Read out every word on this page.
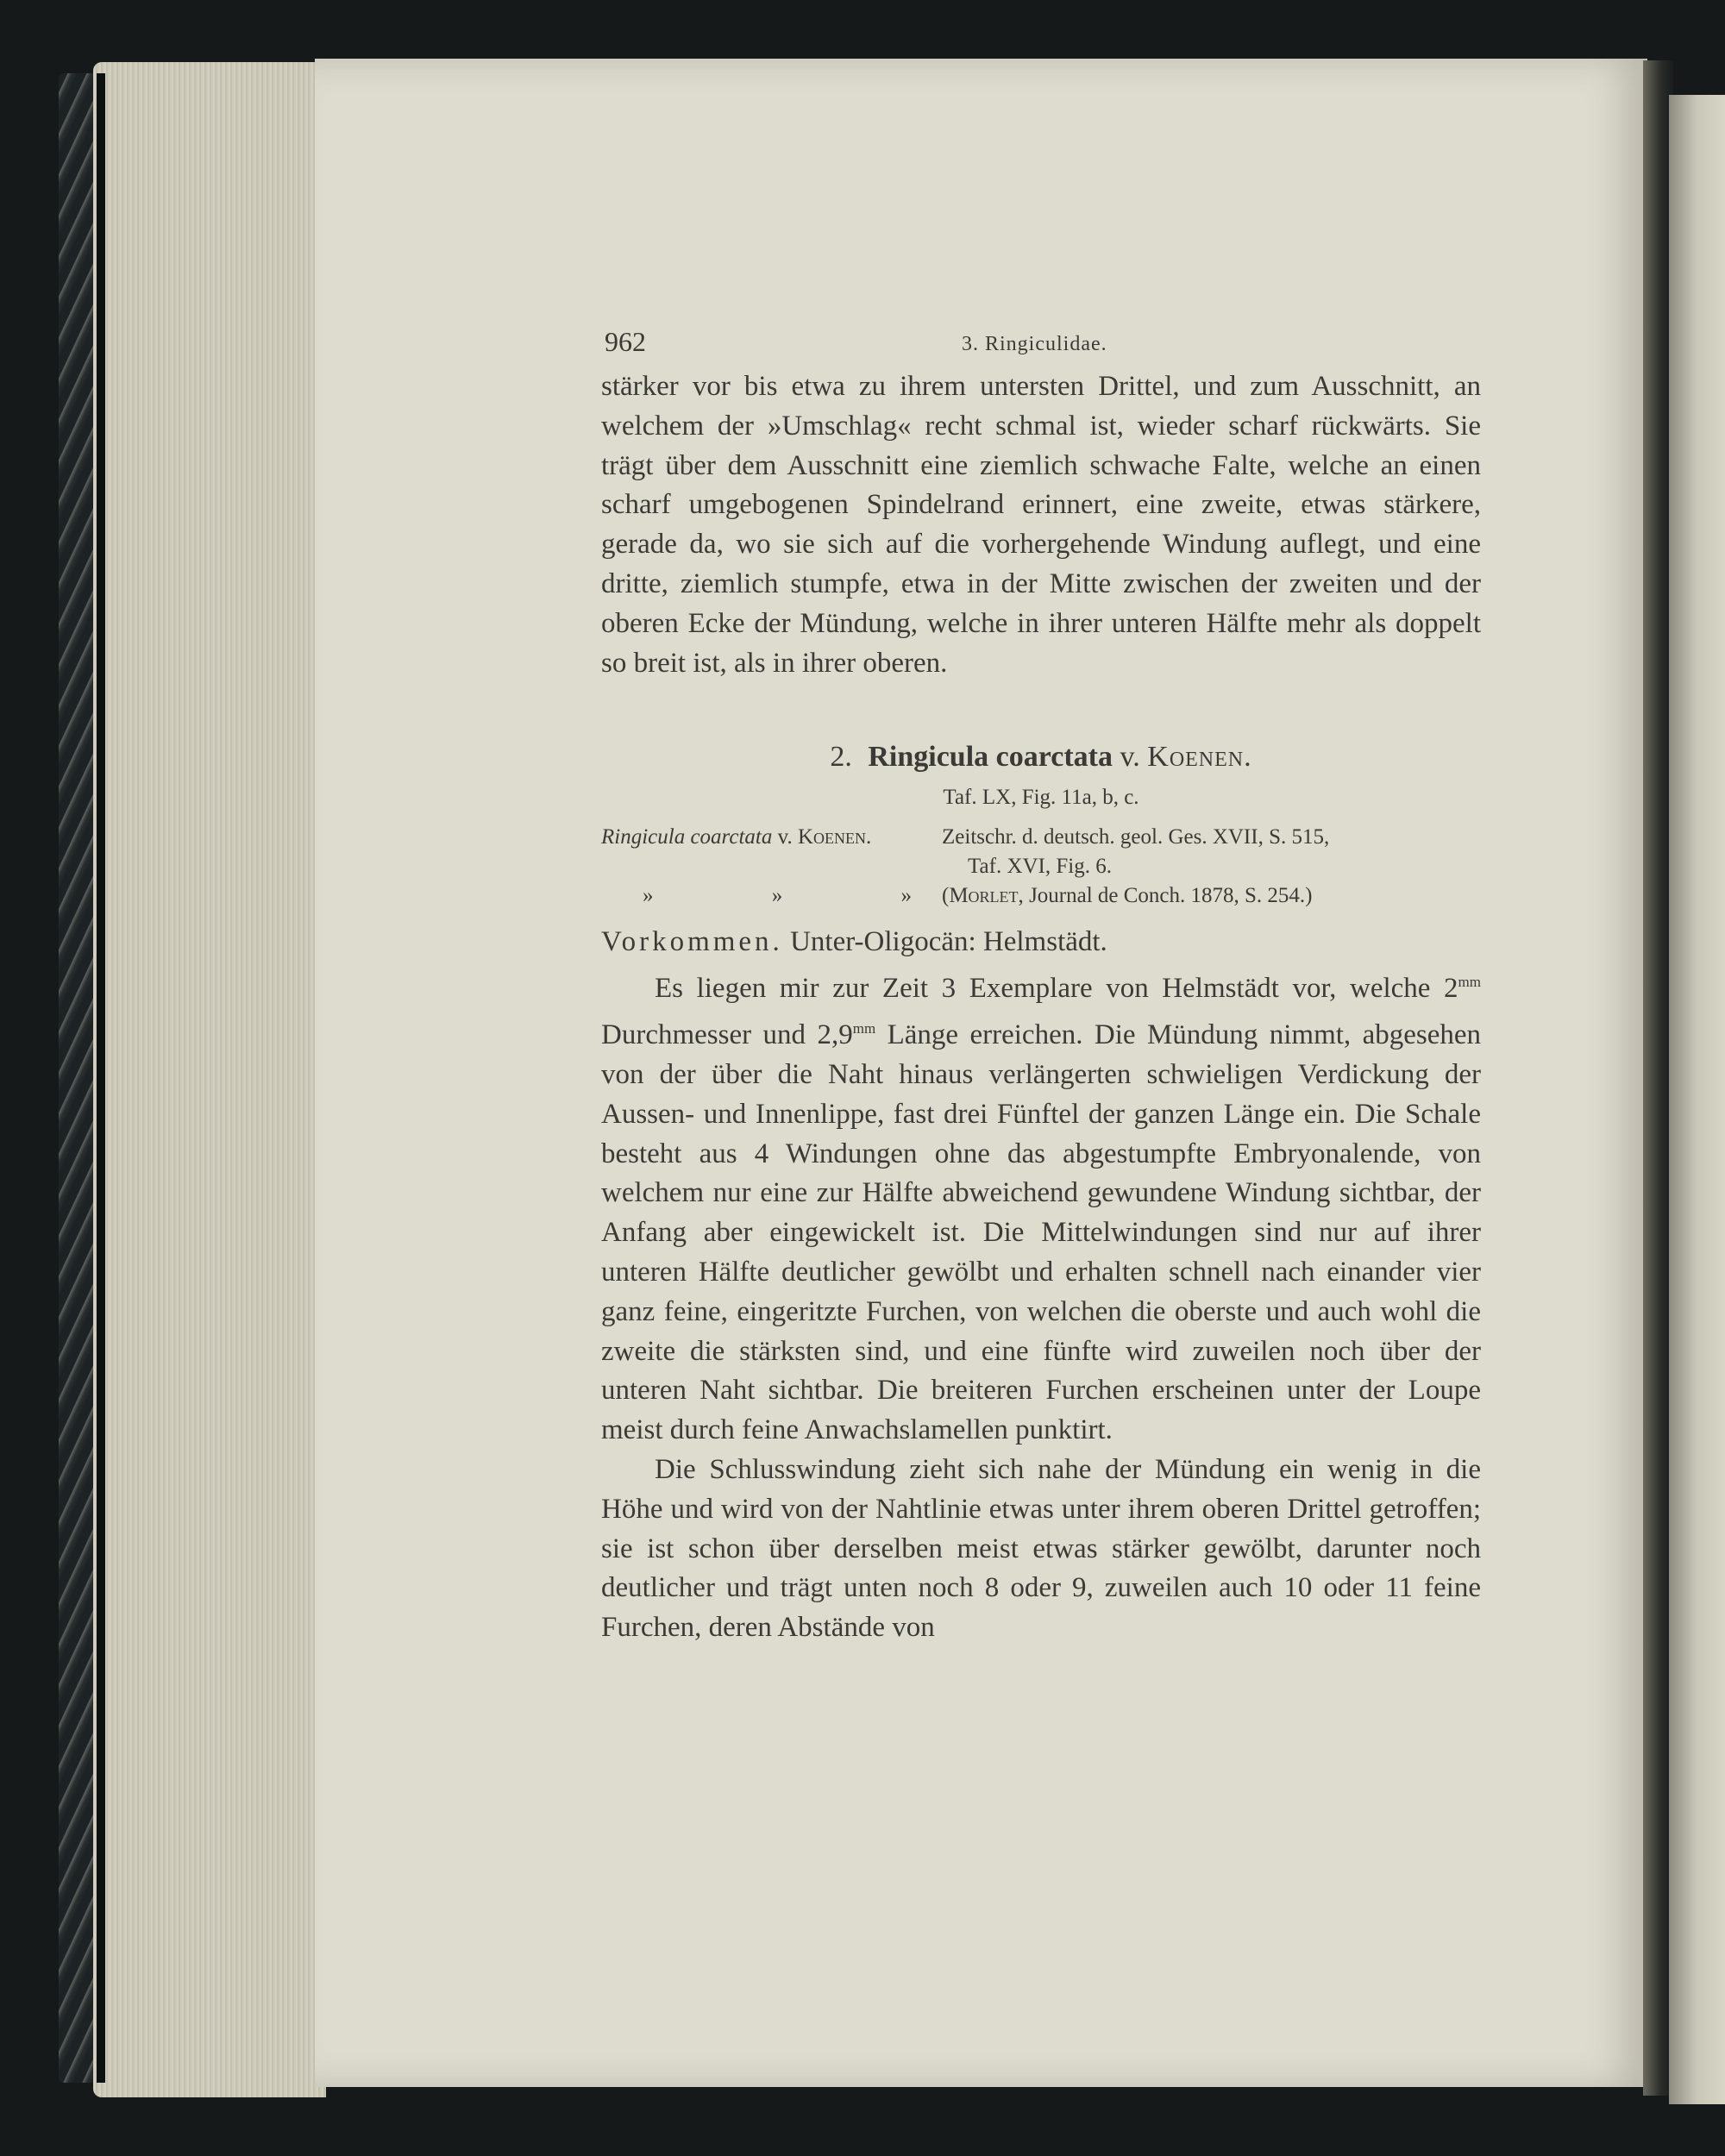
962	3. Ringiculidae.

stärker vor bis etwa zu ihrem untersten Drittel, und zum Ausschnitt, an welchem der »Umschlag« recht schmal ist, wieder scharf rückwärts. Sie trägt über dem Ausschnitt eine ziemlich schwache Falte, welche an einen scharf umgebogenen Spindelrand erinnert, eine zweite, etwas stärkere, gerade da, wo sie sich auf die vorhergehende Windung auflegt, und eine dritte, ziemlich stumpfe, etwa in der Mitte zwischen der zweiten und der oberen Ecke der Mündung, welche in ihrer unteren Hälfte mehr als doppelt so breit ist, als in ihrer oberen.

2. Ringicula coarctata v. Koenen.
Taf. LX, Fig. 11a, b, c.
Ringicula coarctata v. Koenen.	Zeitschr. d. deutsch. geol. Ges. XVII, S. 515,
Taf. XVI, Fig. 6.
»	»	» (Morlet, Journal de Conch. 1878, S. 254.)
Vorkommen. Unter-Oligocän: Helmstädt.

Es liegen mir zur Zeit 3 Exemplare von Helmstädt vor, welche $2^{mm}$ Durchmesser und $2,9^{mm}$ Länge erreichen. Die Mündung nimmt, abgesehen von der über die Naht hinaus verlängerten schwieligen Verdickung der Aussen- und Innenlippe, fast drei Fünftel der ganzen Länge ein. Die Schale besteht aus 4 Windungen ohne das abgestumpfte Embryonalende, von welchem nur eine zur Hälfte abweichend gewundene Windung sichtbar, der Anfang aber eingewickelt ist. Die Mittelwindungen sind nur auf ihrer unteren Hälfte deutlicher gewölbt und erhalten schnell nach einander vier ganz feine, eingeritzte Furchen, von welchen die oberste und auch wohl die zweite die stärksten sind, und eine fünfte wird zuweilen noch über der unteren Naht sichtbar. Die breiteren Furchen erscheinen unter der Loupe meist durch feine Anwachslamellen punktirt.

Die Schlusswindung zieht sich nahe der Mündung ein wenig in die Höhe und wird von der Nahtlinie etwas unter ihrem oberen Drittel getroffen; sie ist schon über derselben meist etwas stärker gewölbt, darunter noch deutlicher und trägt unten noch 8 oder 9, zuweilen auch 10 oder 11 feine Furchen, deren Abstände von
